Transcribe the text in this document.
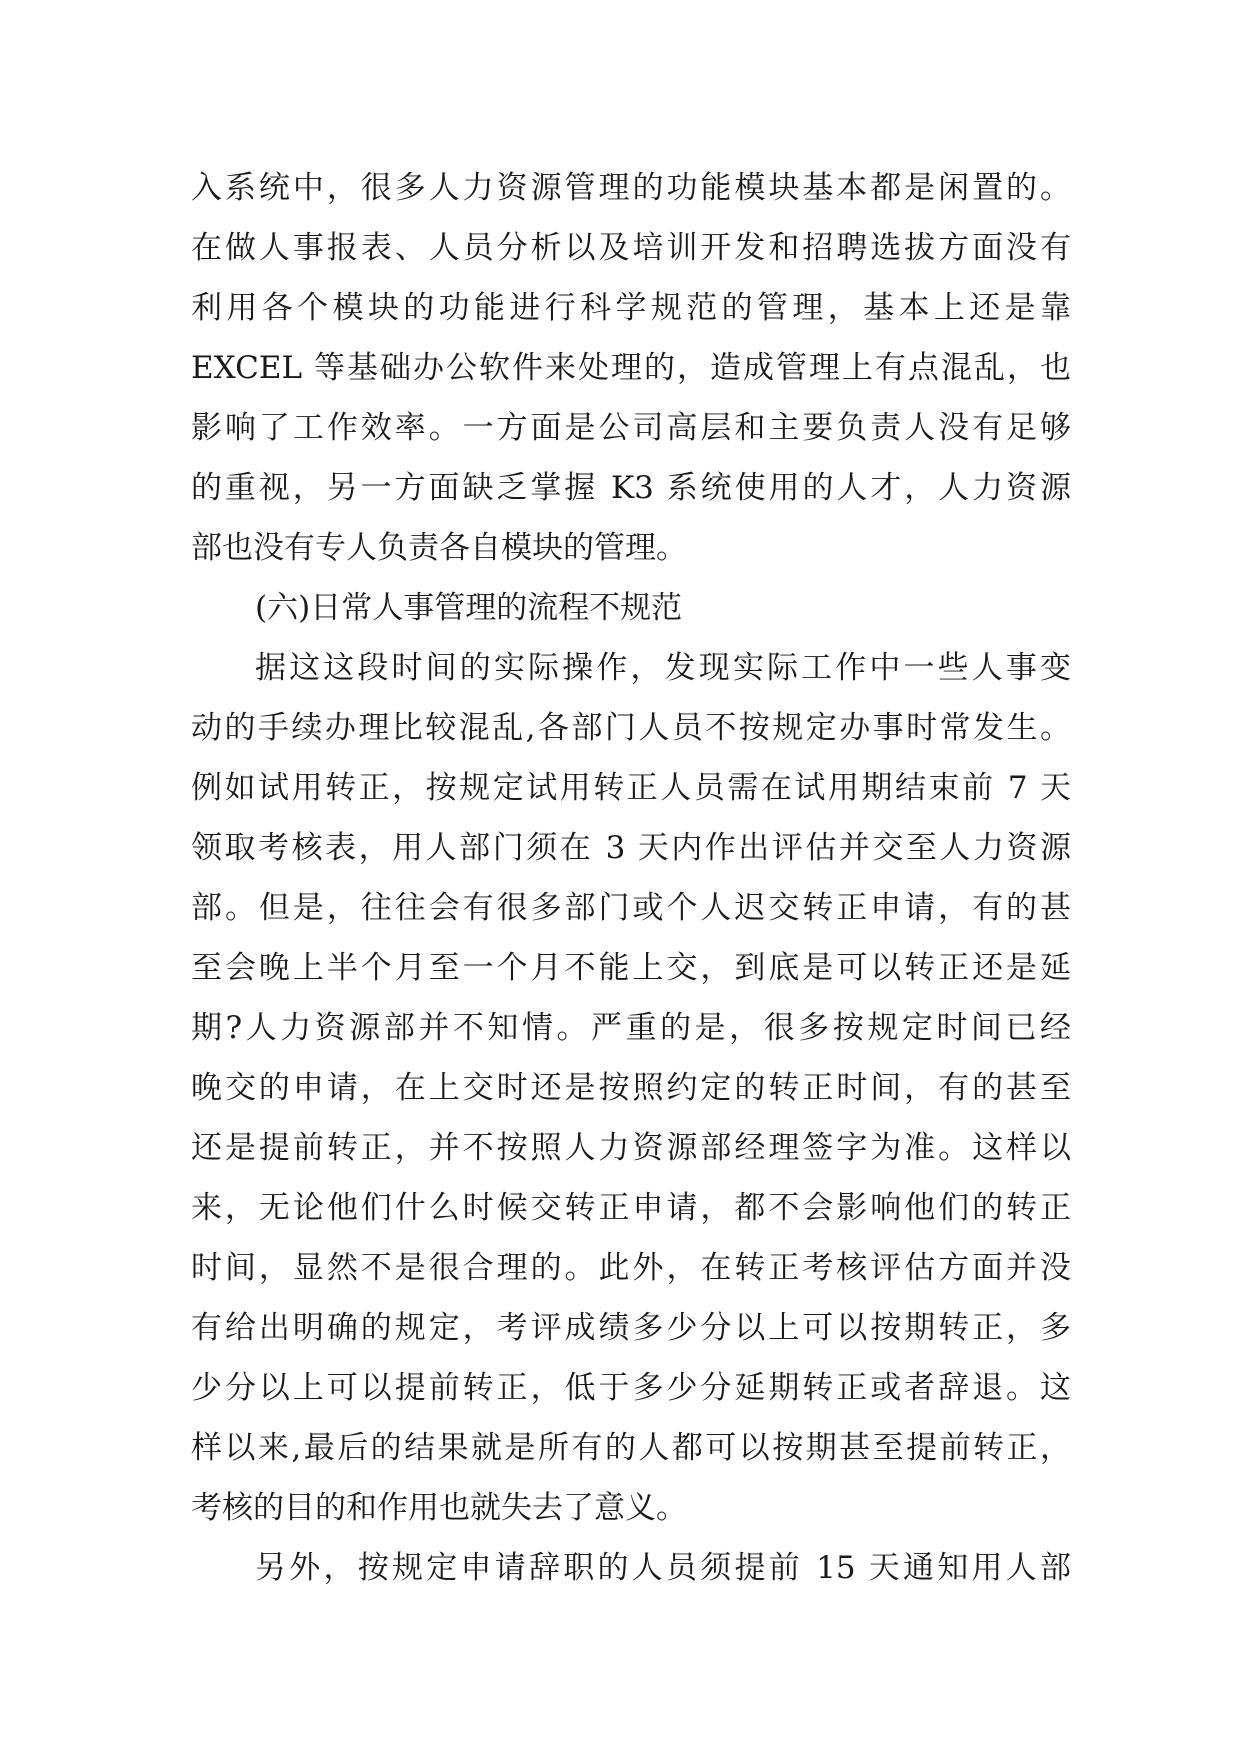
入系统中，很多人力资源管理的功能模块基本都是闲置的。
在做人事报表、人员分析以及培训开发和招聘选拔方面没有
利用各个模块的功能进行科学规范的管理，基本上还是靠
EXCEL 等基础办公软件来处理的，造成管理上有点混乱，也
影响了工作效率。一方面是公司高层和主要负责人没有足够
的重视，另一方面缺乏掌握 K3 系统使用的人才，人力资源
部也没有专人负责各自模块的管理。
(六)日常人事管理的流程不规范
据这这段时间的实际操作，发现实际工作中一些人事变
动的手续办理比较混乱,各部门人员不按规定办事时常发生。
例如试用转正，按规定试用转正人员需在试用期结束前 7 天
领取考核表，用人部门须在 3 天内作出评估并交至人力资源
部。但是，往往会有很多部门或个人迟交转正申请，有的甚
至会晚上半个月至一个月不能上交，到底是可以转正还是延
期?人力资源部并不知情。严重的是，很多按规定时间已经
晚交的申请，在上交时还是按照约定的转正时间，有的甚至
还是提前转正，并不按照人力资源部经理签字为准。这样以
来，无论他们什么时候交转正申请，都不会影响他们的转正
时间，显然不是很合理的。此外，在转正考核评估方面并没
有给出明确的规定，考评成绩多少分以上可以按期转正，多
少分以上可以提前转正，低于多少分延期转正或者辞退。这
样以来,最后的结果就是所有的人都可以按期甚至提前转正，
考核的目的和作用也就失去了意义。
另外，按规定申请辞职的人员须提前 15 天通知用人部
